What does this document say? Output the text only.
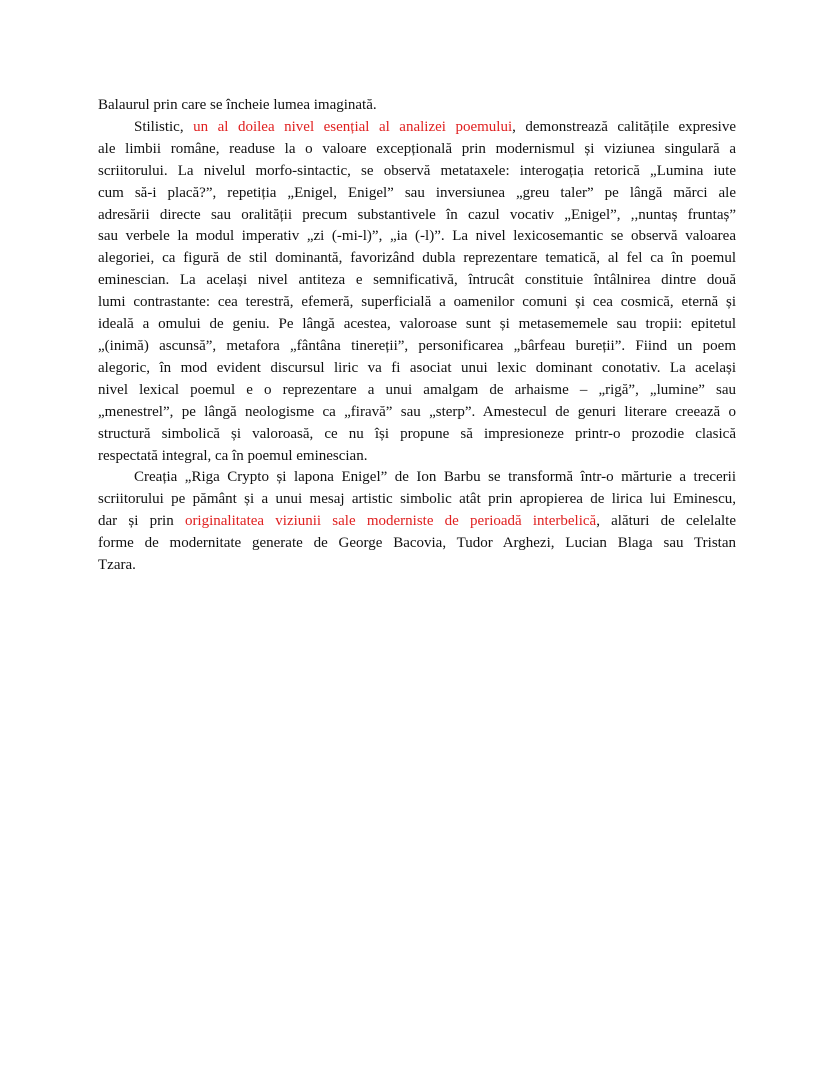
Balaurul prin care se încheie lumea imaginată.
Stilistic, un al doilea nivel esențial al analizei poemului, demonstrează calitățile expresive
ale limbii române, readuse la o valoare excepțională prin modernismul și viziunea singulară a
scriitorului. La nivelul morfo-sintactic, se observă metataxele: interogația retorică „Lumina iute
cum să-i placă?”, repetiția „Enigel, Enigel” sau inversiunea „greu taler” pe lângă mărci ale
adresării directe sau oralității precum substantivele în cazul vocativ „Enigel”, ,,nuntaș fruntaș”
sau verbele la modul imperativ „zi (-mi-l)”, „ia (-l)”. La nivel lexicosemantic se observă valoarea
alegoriei, ca figură de stil dominantă, favorizând dubla reprezentare tematică, al fel ca în poemul
eminescian. La același nivel antiteza e semnificativă, întrucât constituie întâlnirea dintre două
lumi contrastante: cea terestră, efemeră, superficială a oamenilor comuni și cea cosmică, eternă și
ideală a omului de geniu. Pe lângă acestea, valoroase sunt și metasememele sau tropii: epitetul
„(inimă) ascunsă”, metafora „fântâna tinereții”, personificarea „bârfeau bureții”. Fiind un poem
alegoric, în mod evident discursul liric va fi asociat unui lexic dominant conotativ. La același
nivel lexical poemul e o reprezentare a unui amalgam de arhaisme – „rigă”, „lumine” sau
„menestrel”, pe lângă neologisme ca „firavă” sau „sterp”. Amestecul de genuri literare creează o
structură simbolică și valoroasă, ce nu își propune să impresioneze printr-o prozodie clasică
respectată integral, ca în poemul eminescian.
Creația „Riga Crypto și lapona Enigel” de Ion Barbu se transformă într-o mărturie a trecerii
scriitorului pe pământ și a unui mesaj artistic simbolic atât prin apropierea de lirica lui Eminescu,
dar și prin originalitatea viziunii sale moderniste de perioadă interbelică, alături de celelalte
forme de modernitate generate de George Bacovia, Tudor Arghezi, Lucian Blaga sau Tristan
Tzara.
